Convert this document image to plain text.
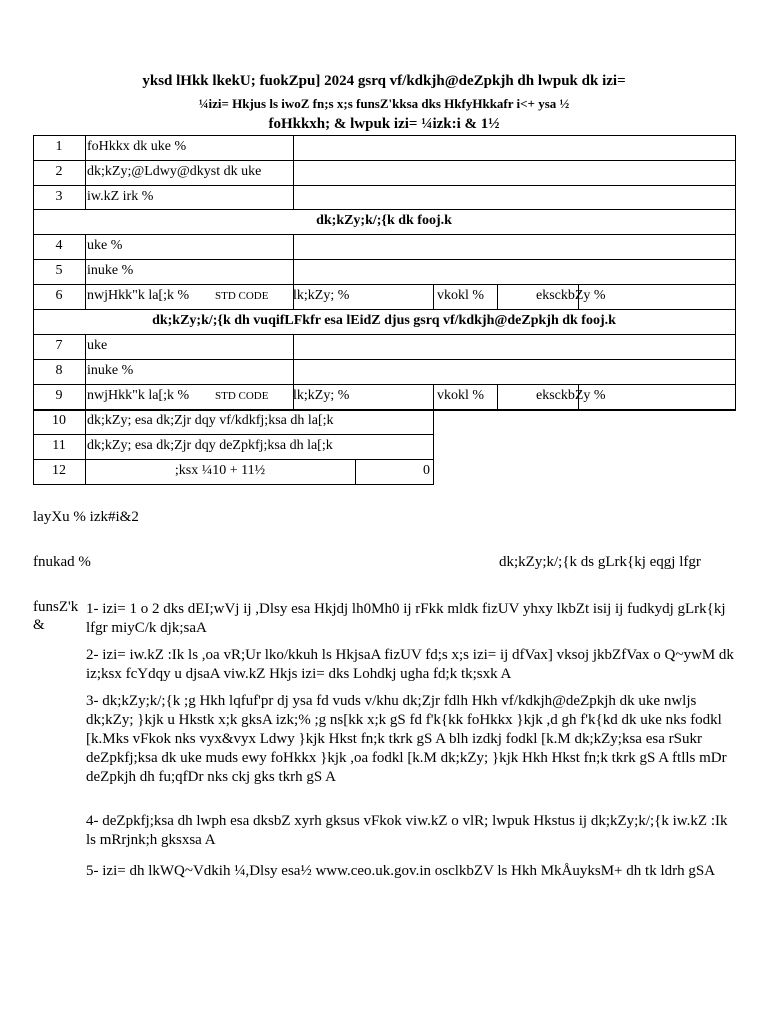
yksd lHkk lkekU; fuokZpu] 2024 gsrq vf/kdkjh@deZpkjh dh lwpuk dk izi=
¼izi= Hkjus ls iwoZ fn;s x;s funsZ'kksa dks HkfyHkkafr i<+ ysa ½
foHkkxh; & lwpuk izi= ¼izk:i & 1½
1	foHkkx dk uke %
2	dk;kZy;@Ldwy@dkyst dk uke
3	iw.kZ irk %
dk;kZy;k/;{k dk fooj.k
4	uke %
5	inuke %
6	nwjHkk"k la[;k %	STD CODE	lk;kZy; %	vkokl %	eksckbZy %
dk;kZy;k/;{k dh vuqifLFkfr esa lEidZ djus gsrq vf/kdkjh@deZpkjh dk fooj.k
7	uke
8	inuke %
9	nwjHkk"k la[;k %	STD CODE	lk;kZy; %	vkokl %	eksckbZy %
10	dk;kZy; esa dk;Zjr dqy vf/kdkfj;ksa dh la[;k
11	dk;kZy; esa dk;Zjr dqy deZpkfj;ksa dh la[;k
12	;ksx ¼10 + 11½	0
layXu % izk#i&2
fnukad %	dk;kZy;k/;{k ds gLrk{kj eqgj lfgr
funsZ'k &
1- izi= 1 o 2 dks dEI;wVj ij ,Dlsy esa Hkjdj lh0Mh0 ij rFkk mldk fizUV yhxy lkbZt isij ij fudkydj gLrk{kj lfgr miyC/k djk;saA
2- izi= iw.kZ :Ik ls ,oa vR;Ur lko/kkuh ls HkjsaA fizUV fd;s x;s izi= ij dfVax] vksoj jkbZfVax o Q~ywM dk iz;ksx fcYdqy u djsaA viw.kZ Hkjs izi= dks Lohdkj ugha fd;k tk;sxk A
3- dk;kZy;k/;{k ;g Hkh lqfuf'pr dj ysa fd vuds v/khu dk;Zjr fdlh Hkh vf/kdkjh@deZpkjh dk uke nwljs dk;kZy; }kjk u Hkstk x;k gksA izk;% ;g ns[kk x;k gS fd f'k{kk foHkkx }kjk ,d gh f'k{kd dk uke nks fodkl [k.Mks vFkok nks vyx&vyx Ldwy }kjk Hkst fn;k tkrk gS A blh izdkj fodkl [k.M dk;kZy;ksa esa rSukr deZpkfj;ksa dk uke muds ewy foHkkx }kjk ,oa fodkl [k.M dk;kZy; }kjk Hkh Hkst fn;k tkrk gS A ftlls mDr deZpkjh dh fu;qfDr nks ckj gks tkrh gS A
4- deZpkfj;ksa dh lwph esa dksbZ xyrh gksus vFkok viw.kZ o vlR; lwpuk Hkstus ij dk;kZy;k/;{k iw.kZ :Ik ls mRrjnk;h gksxsa A
5- izi= dh lkWQ~Vdkih ¼,Dlsy esa½ www.ceo.uk.gov.in osclkbZV ls Hkh MkÅuyksM+ dh tk ldrh gSA
